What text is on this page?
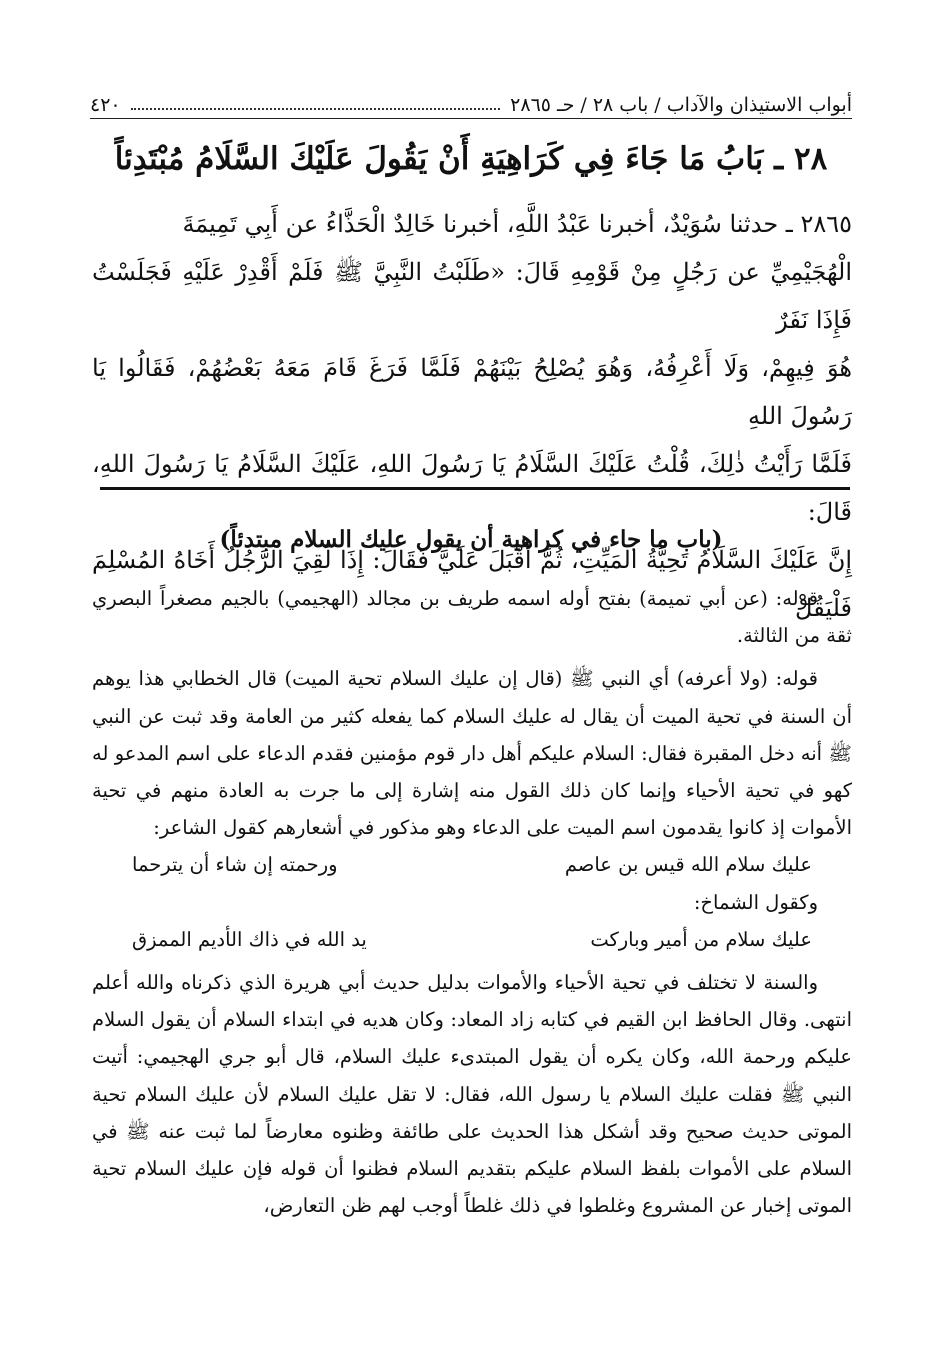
أبواب الاستيذان والآداب / باب ٢٨ / حـ ٢٨٦٥
٤٢٠
٢٨ ـ بَابُ مَا جَاءَ فِي كَرَاهِيَةِ أَنْ يَقُولَ عَلَيْكَ السَّلَامُ مُبْتَدِئاً

٢٨٦٥ ـ حدثنا سُوَيْدٌ، أخبرنا عَبْدُ اللَّهِ، أخبرنا خَالِدٌ الْحَذَّاءُ عن أَبِي تَمِيمَةَ

الْهُجَيْمِيِّ عن رَجُلٍ مِنْ قَوْمِهِ قَالَ: «طَلَبْتُ النَّبِيَّ ﷺ فَلَمْ أَقْدِرْ عَلَيْهِ فَجَلَسْتُ فَإِذَا نَفَرٌ

هُوَ فِيهِمْ، وَلَا أَعْرِفُهُ، وَهُوَ يُصْلِحُ بَيْنَهُمْ فَلَمَّا فَرَغَ قَامَ مَعَهُ بَعْضُهُمْ، فَقَالُوا يَا رَسُولَ اللهِ

فَلَمَّا رَأَيْتُ ذٰلِكَ، قُلْتُ عَلَيْكَ السَّلَامُ يَا رَسُولَ اللهِ، عَلَيْكَ السَّلَامُ يَا رَسُولَ اللهِ، قَالَ:

إِنَّ عَلَيْكَ السَّلَامُ تَحِيَّةُ المَيِّتِ، ثُمَّ أَقْبَلَ عَلَيَّ فَقَالَ: إِذَا لَقِيَ الرَّجُلُ أَخَاهُ المُسْلِمَ فَلْيَقُلْ

(باب ما جاء في كراهية أن يقول عليك السلام مبتدئاً)

قوله: (عن أبي تميمة) بفتح أوله اسمه طريف بن مجالد (الهجيمي) بالجيم مصغراً البصري ثقة من الثالثة.

قوله: (ولا أعرفه) أي النبي ﷺ (قال إن عليك السلام تحية الميت) قال الخطابي هذا يوهم أن السنة في تحية الميت أن يقال له عليك السلام كما يفعله كثير من العامة وقد ثبت عن النبي ﷺ أنه دخل المقبرة فقال: السلام عليكم أهل دار قوم مؤمنين فقدم الدعاء على اسم المدعو له كهو في تحية الأحياء وإنما كان ذلك القول منه إشارة إلى ما جرت به العادة منهم في تحية الأموات إذ كانوا يقدمون اسم الميت على الدعاء وهو مذكور في أشعارهم كقول الشاعر:

عليك سلام الله قيس بن عاصم
ورحمته إن شاء أن يترحما
وكقول الشماخ:
عليك سلام من أمير وباركت
يد الله في ذاك الأديم الممزق

والسنة لا تختلف في تحية الأحياء والأموات بدليل حديث أبي هريرة الذي ذكرناه والله أعلم انتهى. وقال الحافظ ابن القيم في كتابه زاد المعاد: وكان هديه في ابتداء السلام أن يقول السلام عليكم ورحمة الله، وكان يكره أن يقول المبتدىء عليك السلام، قال أبو جري الهجيمي: أتيت النبي ﷺ فقلت عليك السلام يا رسول الله، فقال: لا تقل عليك السلام لأن عليك السلام تحية الموتى حديث صحيح وقد أشكل هذا الحديث على طائفة وظنوه معارضاً لما ثبت عنه ﷺ في السلام على الأموات بلفظ السلام عليكم بتقديم السلام فظنوا أن قوله فإن عليك السلام تحية الموتى إخبار عن المشروع وغلطوا في ذلك غلطاً أوجب لهم ظن التعارض،
